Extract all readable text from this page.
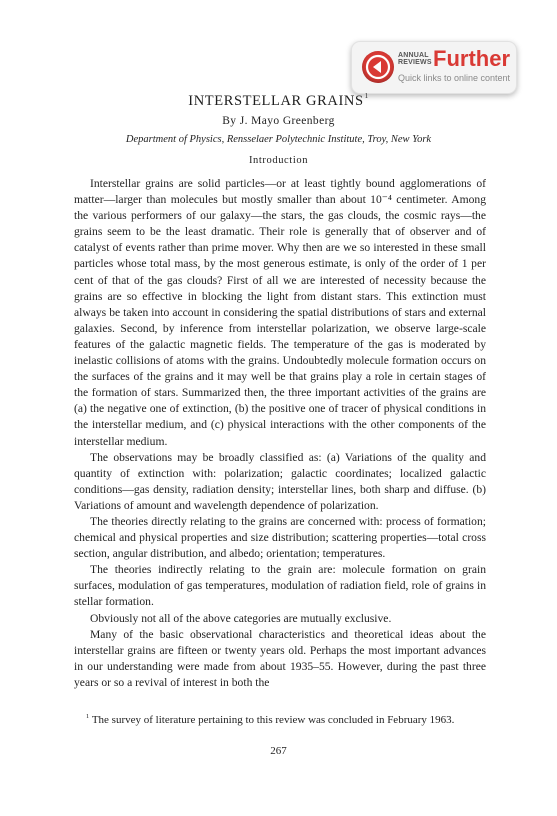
ANNUAL
REVIEWS Further
Quick links to online content
INTERSTELLAR GRAINS$^1$
By J. Mayo Greenberg
Department of Physics, Rensselaer Polytechnic Institute, Troy, New York
Introduction

Interstellar grains are solid particles—or at least tightly bound agglomerations of matter—larger than molecules but mostly smaller than about 10⁻⁴ centimeter. Among the various performers of our galaxy—the stars, the gas clouds, the cosmic rays—the grains seem to be the least dramatic. Their role is generally that of observer and of catalyst of events rather than prime mover. Why then are we so interested in these small particles whose total mass, by the most generous estimate, is only of the order of 1 per cent of that of the gas clouds? First of all we are interested of necessity because the grains are so effective in blocking the light from distant stars. This extinction must always be taken into account in considering the spatial distributions of stars and external galaxies. Second, by inference from interstellar polarization, we observe large-scale features of the galactic magnetic fields. The temperature of the gas is moderated by inelastic collisions of atoms with the grains. Undoubtedly molecule formation occurs on the surfaces of the grains and it may well be that grains play a role in certain stages of the formation of stars. Summarized then, the three important activities of the grains are (a) the negative one of extinction, (b) the positive one of tracer of physical conditions in the interstellar medium, and (c) physical interactions with the other components of the interstellar medium.

The observations may be broadly classified as: (a) Variations of the quality and quantity of extinction with: polarization; galactic coordinates; localized galactic conditions—gas density, radiation density; interstellar lines, both sharp and diffuse. (b) Variations of amount and wavelength dependence of polarization.

The theories directly relating to the grains are concerned with: process of formation; chemical and physical properties and size distribution; scattering properties—total cross section, angular distribution, and albedo; orientation; temperatures.

The theories indirectly relating to the grain are: molecule formation on grain surfaces, modulation of gas temperatures, modulation of radiation field, role of grains in stellar formation.

Obviously not all of the above categories are mutually exclusive.

Many of the basic observational characteristics and theoretical ideas about the interstellar grains are fifteen or twenty years old. Perhaps the most important advances in our understanding were made from about 1935–55. However, during the past three years or so a revival of interest in both the

$^1$ The survey of literature pertaining to this review was concluded in February 1963.

267
